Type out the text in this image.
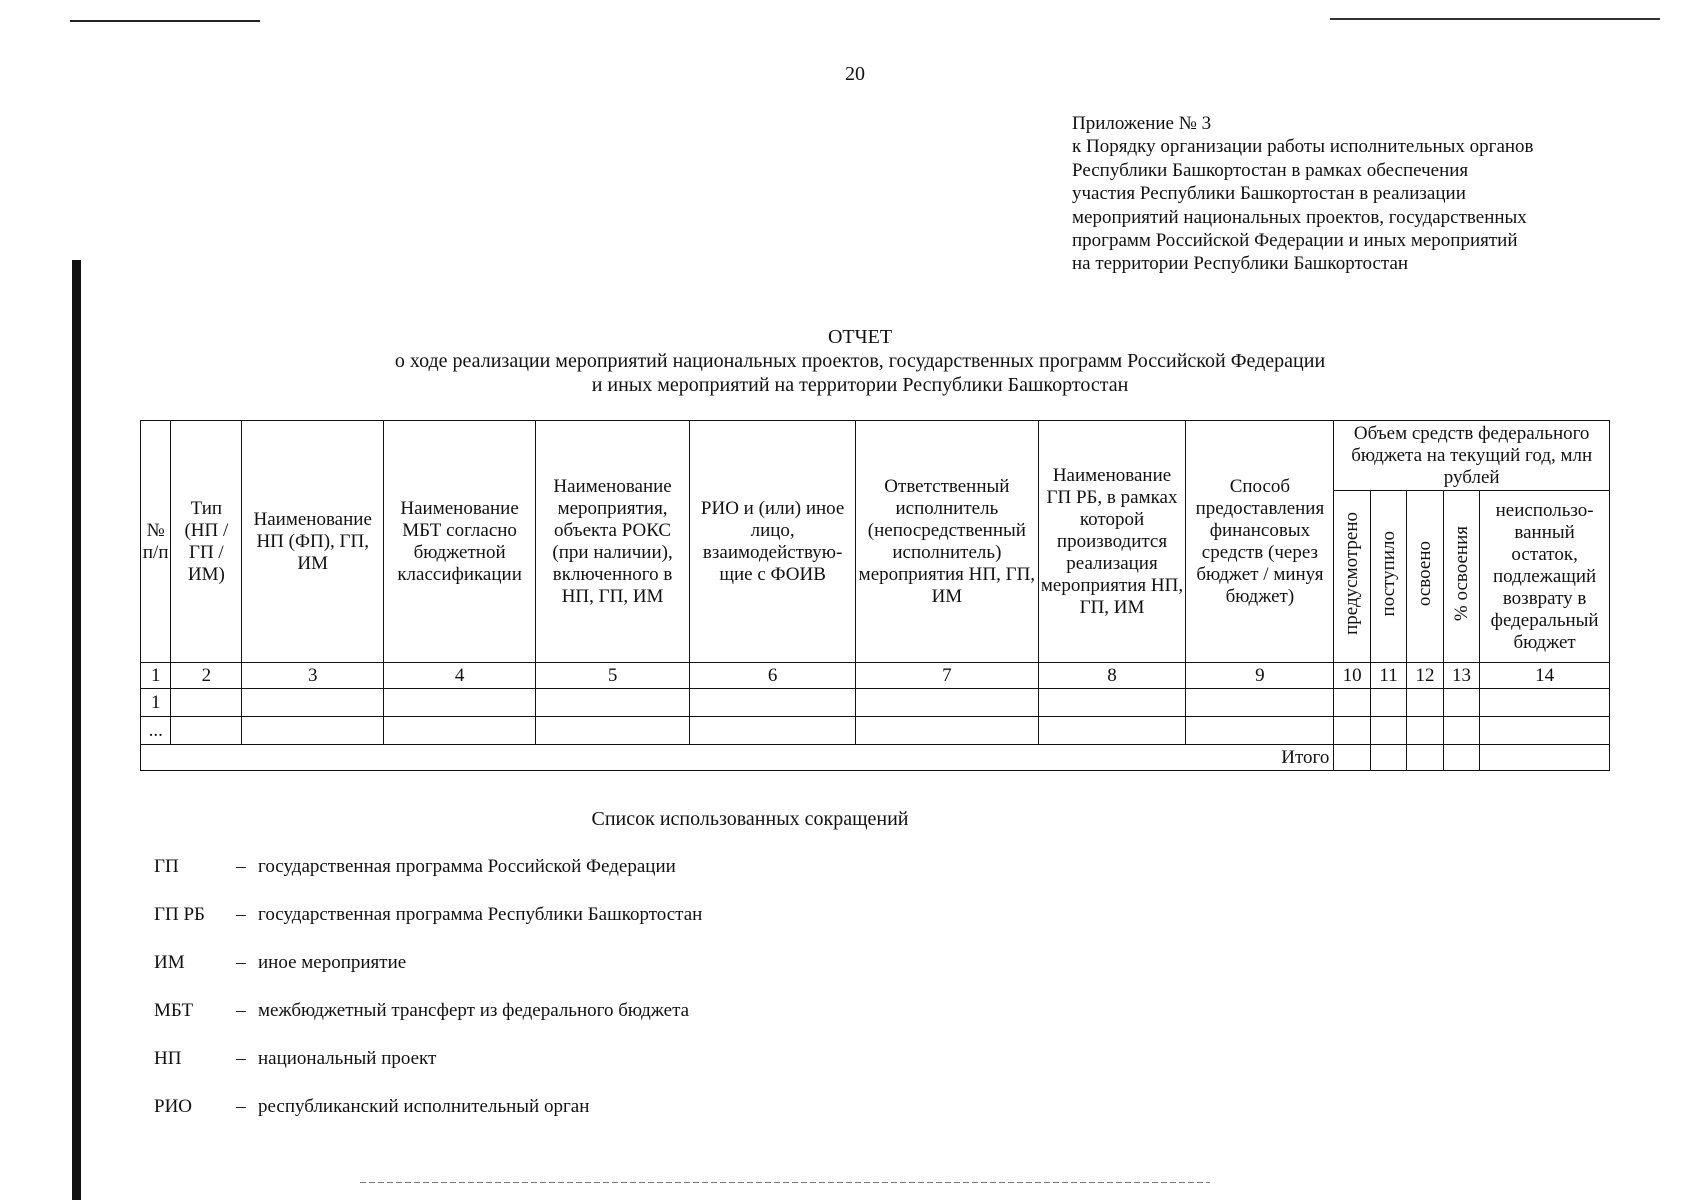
20
Приложение № 3
к Порядку организации работы исполнительных органов
Республики Башкортостан в рамках обеспечения
участия Республики Башкортостан в реализации
мероприятий национальных проектов, государственных
программ Российской Федерации и иных мероприятий
на территории Республики Башкортостан
ОТЧЕТ
о ходе реализации мероприятий национальных проектов, государственных программ Российской Федерации
и иных мероприятий на территории Республики Башкортостан
№ п/п	Тип (НП / ГП / ИМ)	Наименование НП (ФП), ГП, ИМ	Наименование МБТ согласно бюджетной классификации	Наименование мероприятия, объекта РОКС (при наличии), включенного в НП, ГП, ИМ	РИО и (или) иное лицо, взаимодействую-щие с ФОИВ	Ответственный исполнитель (непосредственный исполнитель) мероприятия НП, ГП, ИМ	Наименование ГП РБ, в рамках которой производится реализация мероприятия НП, ГП, ИМ	Способ предоставления финансовых средств (через бюджет / минуя бюджет)	Объем средств федерального бюджета на текущий год, млн рублей				
									предусмотрено	поступило	освоено	% освоения	неиспользо-ванный остаток, подлежащий возврату в федеральный бюджет
1	2	3	4	5	6	7	8	9	10	11	12	13	14
1													
...													
Итого													
Список использованных сокращений
ГП	– государственная программа Российской Федерации
ГП РБ	– государственная программа Республики Башкортостан
ИМ	– иное мероприятие
МБТ	– межбюджетный трансферт из федерального бюджета
НП	– национальный проект
РИО	– республиканский исполнительный орган
